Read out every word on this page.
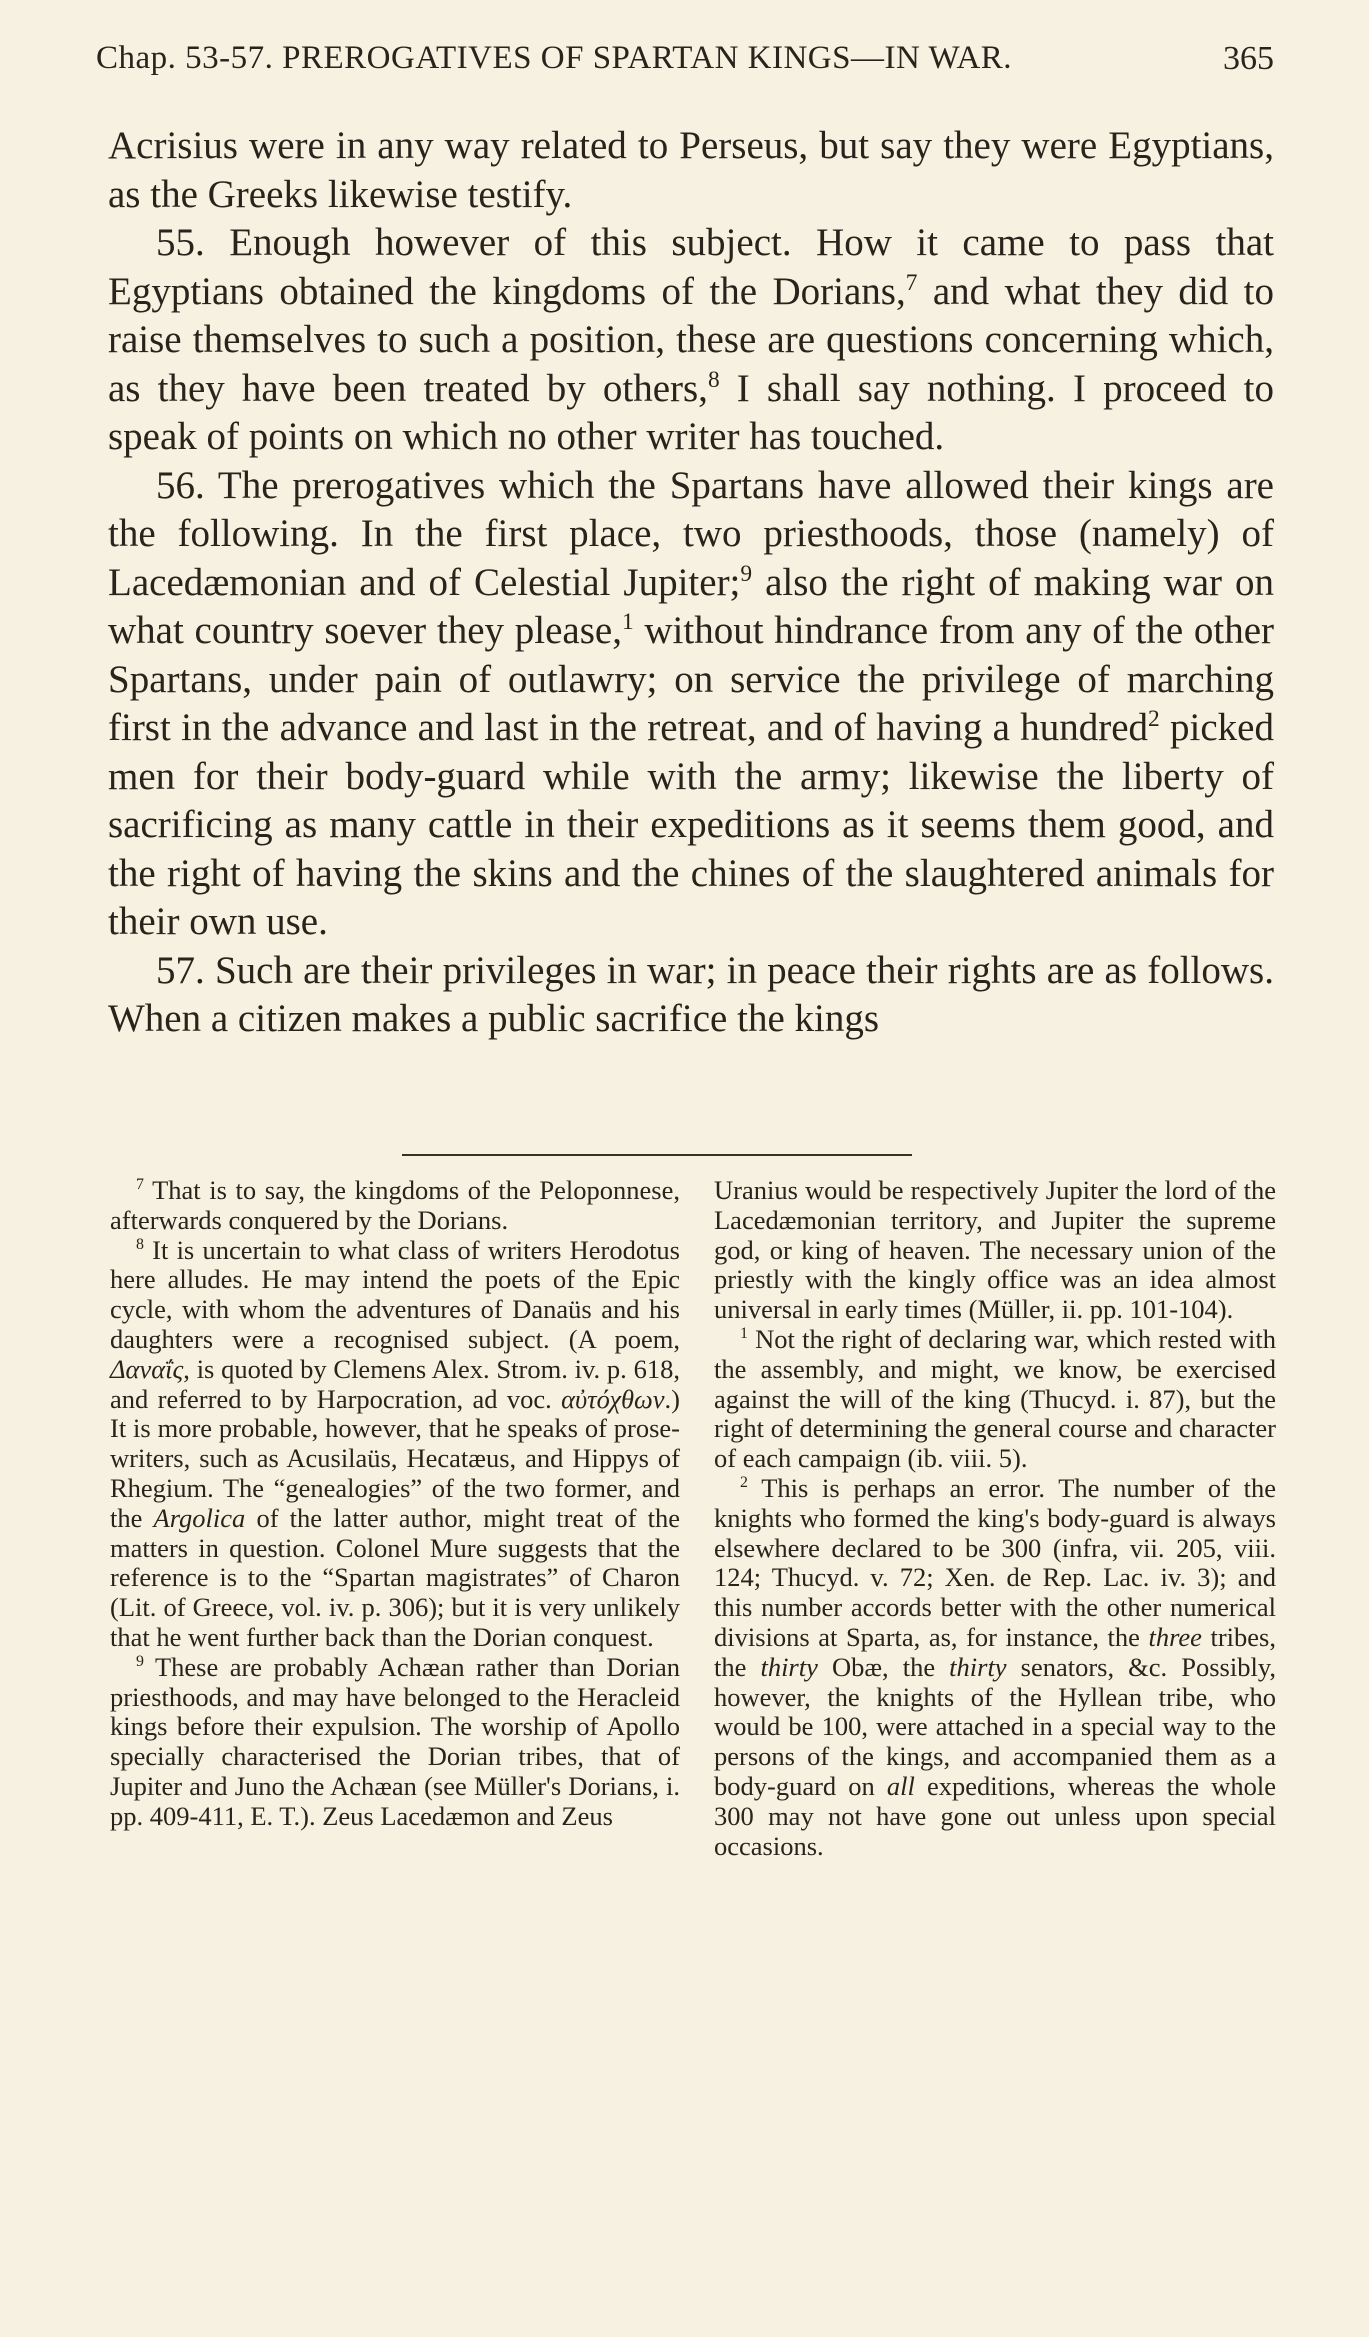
Chap. 53-57. PREROGATIVES OF SPARTAN KINGS—IN WAR.	365

Acrisius were in any way related to Perseus, but say they were Egyptians, as the Greeks likewise testify.

55. Enough however of this subject. How it came to pass that Egyptians obtained the kingdoms of the Dorians,$^7$ and what they did to raise themselves to such a position, these are questions concerning which, as they have been treated by others,$^8$ I shall say nothing. I proceed to speak of points on which no other writer has touched.

56. The prerogatives which the Spartans have allowed their kings are the following. In the first place, two priesthoods, those (namely) of Lacedæmonian and of Celestial Jupiter;$^9$ also the right of making war on what country soever they please,$^1$ without hindrance from any of the other Spartans, under pain of outlawry; on service the privilege of marching first in the advance and last in the retreat, and of having a hundred$^2$ picked men for their body-guard while with the army; likewise the liberty of sacrificing as many cattle in their expeditions as it seems them good, and the right of having the skins and the chines of the slaughtered animals for their own use.

57. Such are their privileges in war; in peace their rights are as follows. When a citizen makes a public sacrifice the kings

$^7$ That is to say, the kingdoms of the Peloponnese, afterwards conquered by the Dorians.

$^8$ It is uncertain to what class of writers Herodotus here alludes. He may intend the poets of the Epic cycle, with whom the adventures of Danaüs and his daughters were a recognised subject. (A poem, Δαναΐς, is quoted by Clemens Alex. Strom. iv. p. 618, and referred to by Harpocration, ad voc. αὐτόχθων.) It is more probable, however, that he speaks of prose-writers, such as Acusilaüs, Hecatæus, and Hippys of Rhegium. The “genealogies” of the two former, and the Argolica of the latter author, might treat of the matters in question. Colonel Mure suggests that the reference is to the “Spartan magistrates” of Charon (Lit. of Greece, vol. iv. p. 306); but it is very unlikely that he went further back than the Dorian conquest.

$^9$ These are probably Achæan rather than Dorian priesthoods, and may have belonged to the Heracleid kings before their expulsion. The worship of Apollo specially characterised the Dorian tribes, that of Jupiter and Juno the Achæan (see Müller's Dorians, i. pp. 409-411, E. T.). Zeus Lacedæmon and Zeus

Uranius would be respectively Jupiter the lord of the Lacedæmonian territory, and Jupiter the supreme god, or king of heaven. The necessary union of the priestly with the kingly office was an idea almost universal in early times (Müller, ii. pp. 101-104).

$^1$ Not the right of declaring war, which rested with the assembly, and might, we know, be exercised against the will of the king (Thucyd. i. 87), but the right of determining the general course and character of each campaign (ib. viii. 5).

$^2$ This is perhaps an error. The number of the knights who formed the king's body-guard is always elsewhere declared to be 300 (infra, vii. 205, viii. 124; Thucyd. v. 72; Xen. de Rep. Lac. iv. 3); and this number accords better with the other numerical divisions at Sparta, as, for instance, the three tribes, the thirty Obæ, the thirty senators, &c. Possibly, however, the knights of the Hyllean tribe, who would be 100, were attached in a special way to the persons of the kings, and accompanied them as a body-guard on all expeditions, whereas the whole 300 may not have gone out unless upon special occasions.
